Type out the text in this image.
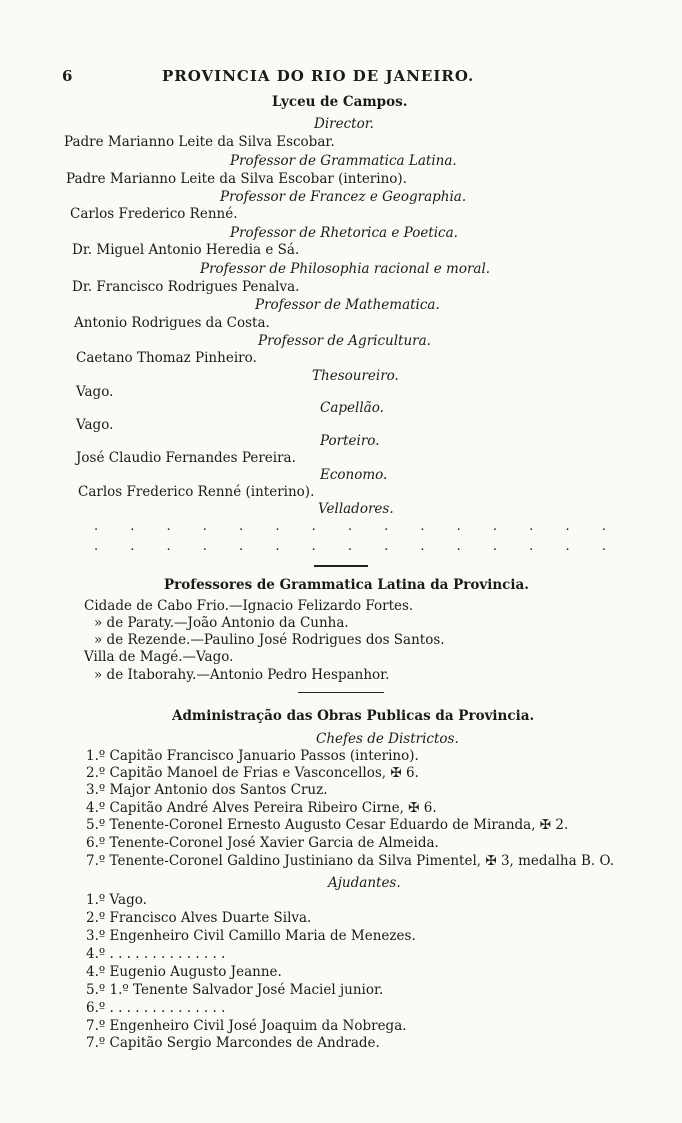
6	PROVINCIA DO RIO DE JANEIRO.
Lyceu de Campos.
Director.
Padre Marianno Leite da Silva Escobar.
Professor de Grammatica Latina.
Padre Marianno Leite da Silva Escobar (interino).
Professor de Francez e Geographia.
Carlos Frederico Renné.
Professor de Rhetorica e Poetica.
Dr. Miguel Antonio Heredia e Sá.
Professor de Philosophia racional e moral.
Dr. Francisco Rodrigues Penalva.
Professor de Mathematica.
Antonio Rodrigues da Costa.
Professor de Agricultura.
Caetano Thomaz Pinheiro.
Thesoureiro.
Vago.
Capellão.
Vago.
Porteiro.
José Claudio Fernandes Pereira.
Economo.
Carlos Frederico Renné (interino).
Velladores.
. . . . . . . . . . . . . . .
. . . . . . . . . . . . . . .
Professores de Grammatica Latina da Provincia.
Cidade de Cabo Frio.—Ignacio Felizardo Fortes.
» de Paraty.—João Antonio da Cunha.
» de Rezende.—Paulino José Rodrigues dos Santos.
Villa de Magé.—Vago.
» de Itaborahy.—Antonio Pedro Hespanhor.
Administração das Obras Publicas da Provincia.
Chefes de Districtos.
1.º Capitão Francisco Januario Passos (interino).
2.º Capitão Manoel de Frias e Vasconcellos, ✠ 6.
3.º Major Antonio dos Santos Cruz.
4.º Capitão André Alves Pereira Ribeiro Cirne, ✠ 6.
5.º Tenente-Coronel Ernesto Augusto Cesar Eduardo de Miranda, ✠ 2.
6.º Tenente-Coronel José Xavier Garcia de Almeida.
7.º Tenente-Coronel Galdino Justiniano da Silva Pimentel, ✠ 3, medalha B. O.
Ajudantes.
1.º Vago.
2.º Francisco Alves Duarte Silva.
3.º Engenheiro Civil Camillo Maria de Menezes.
4.º . . . . . . . . . . . . . .
4.º Eugenio Augusto Jeanne.
5.º 1.º Tenente Salvador José Maciel junior.
6.º . . . . . . . . . . . . . .
7.º Engenheiro Civil José Joaquim da Nobrega.
7.º Capitão Sergio Marcondes de Andrade.
